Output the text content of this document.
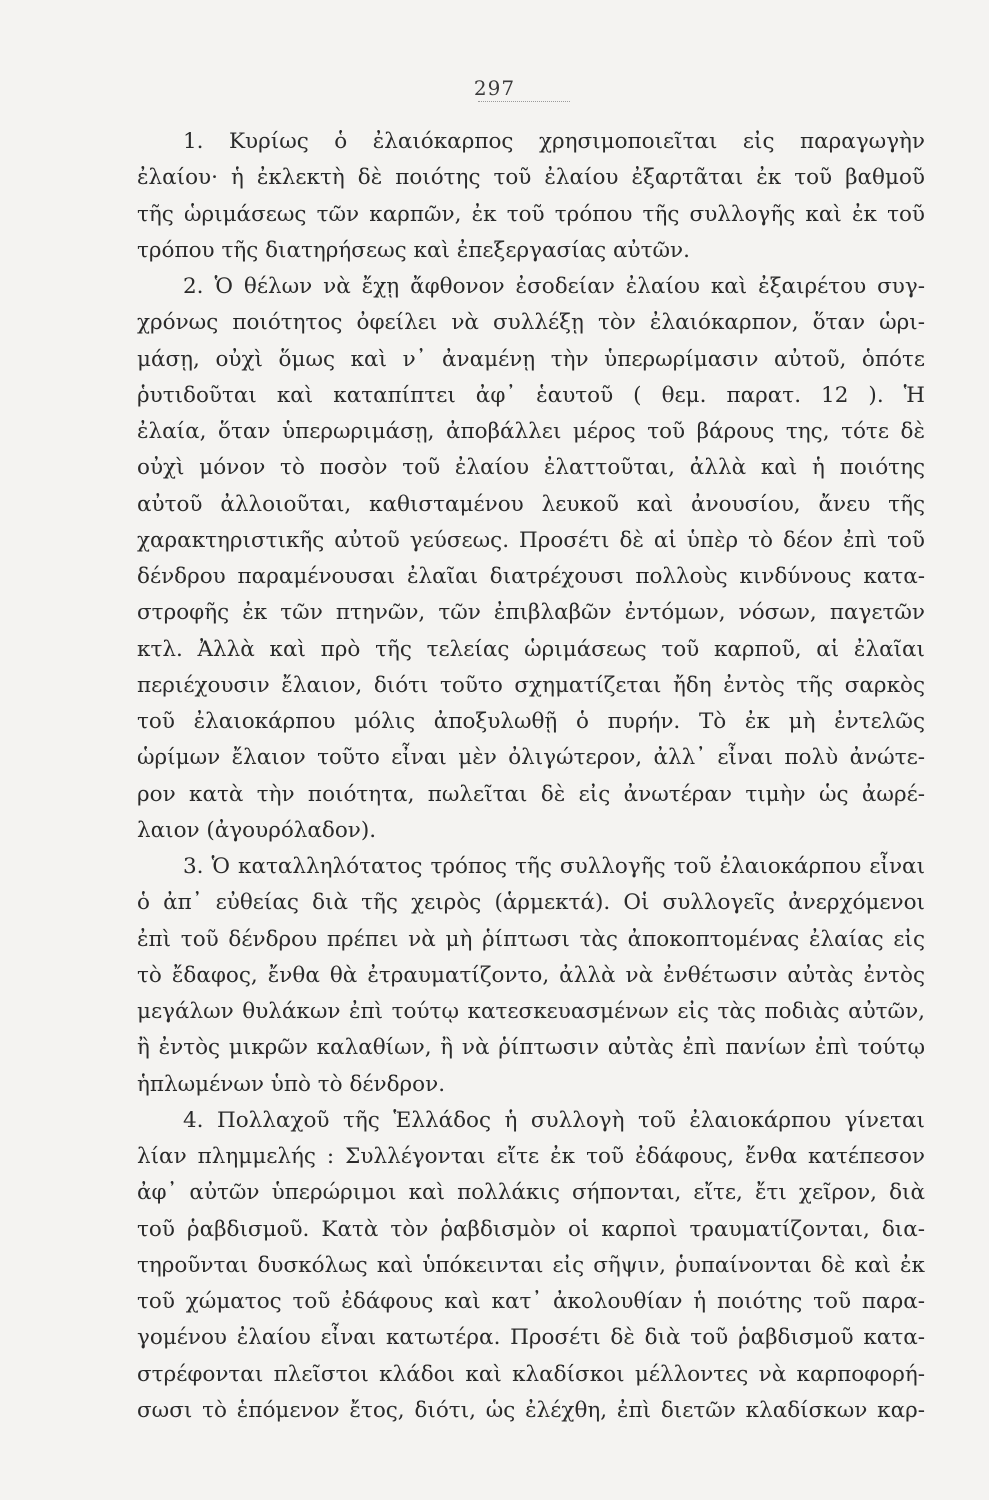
297
1. Κυρίως ὁ ἐλαιόκαρπος χρησιμοποιεῖται εἰς παραγωγὴν
ἐλαίου· ἡ ἐκλεκτὴ δὲ ποιότης τοῦ ἐλαίου ἐξαρτᾶται ἐκ τοῦ βαθμοῦ
τῆς ὡριμάσεως τῶν καρπῶν, ἐκ τοῦ τρόπου τῆς συλλογῆς καὶ ἐκ τοῦ
τρόπου τῆς διατηρήσεως καὶ ἐπεξεργασίας αὐτῶν.
2. Ὁ θέλων νὰ ἔχῃ ἄφθονον ἐσοδείαν ἐλαίου καὶ ἐξαιρέτου συγ-
χρόνως ποιότητος ὀφείλει νὰ συλλέξῃ τὸν ἐλαιόκαρπον, ὅταν ὡρι-
μάσῃ, οὐχὶ ὅμως καὶ ν᾽ ἀναμένῃ τὴν ὑπερωρίμασιν αὐτοῦ, ὁπότε
ῥυτιδοῦται καὶ καταπίπτει ἀφ᾽ ἑαυτοῦ ( θεμ. παρατ. 12 ). Ἡ
ἐλαία, ὅταν ὑπερωριμάσῃ, ἀποβάλλει μέρος τοῦ βάρους της, τότε δὲ
οὐχὶ μόνον τὸ ποσὸν τοῦ ἐλαίου ἐλαττοῦται, ἀλλὰ καὶ ἡ ποιότης
αὐτοῦ ἀλλοιοῦται, καθισταμένου λευκοῦ καὶ ἀνουσίου, ἄνευ τῆς
χαρακτηριστικῆς αὐτοῦ γεύσεως. Προσέτι δὲ αἱ ὑπὲρ τὸ δέον ἐπὶ τοῦ
δένδρου παραμένουσαι ἐλαῖαι διατρέχουσι πολλοὺς κινδύνους κατα-
στροφῆς ἐκ τῶν πτηνῶν, τῶν ἐπιβλαβῶν ἐντόμων, νόσων, παγετῶν
κτλ. Ἀλλὰ καὶ πρὸ τῆς τελείας ὡριμάσεως τοῦ καρποῦ, αἱ ἐλαῖαι
περιέχουσιν ἔλαιον, διότι τοῦτο σχηματίζεται ἤδη ἐντὸς τῆς σαρκὸς
τοῦ ἐλαιοκάρπου μόλις ἀποξυλωθῇ ὁ πυρήν. Τὸ ἐκ μὴ ἐντελῶς
ὡρίμων ἔλαιον τοῦτο εἶναι μὲν ὀλιγώτερον, ἀλλ᾽ εἶναι πολὺ ἀνώτε-
ρον κατὰ τὴν ποιότητα, πωλεῖται δὲ εἰς ἀνωτέραν τιμὴν ὡς ἀωρέ-
λαιον (ἀγουρόλαδον).
3. Ὁ καταλληλότατος τρόπος τῆς συλλογῆς τοῦ ἐλαιοκάρπου εἶναι
ὁ ἀπ᾽ εὐθείας διὰ τῆς χειρὸς (ἁρμεκτά). Οἱ συλλογεῖς ἀνερχόμενοι
ἐπὶ τοῦ δένδρου πρέπει νὰ μὴ ῥίπτωσι τὰς ἀποκοπτομένας ἐλαίας εἰς
τὸ ἔδαφος, ἔνθα θὰ ἐτραυματίζοντο, ἀλλὰ νὰ ἐνθέτωσιν αὐτὰς ἐντὸς
μεγάλων θυλάκων ἐπὶ τούτῳ κατεσκευασμένων εἰς τὰς ποδιὰς αὐτῶν,
ἢ ἐντὸς μικρῶν καλαθίων, ἢ νὰ ῥίπτωσιν αὐτὰς ἐπὶ πανίων ἐπὶ τούτῳ
ἡπλωμένων ὑπὸ τὸ δένδρον.
4. Πολλαχοῦ τῆς Ἑλλάδος ἡ συλλογὴ τοῦ ἐλαιοκάρπου γίνεται
λίαν πλημμελής : Συλλέγονται εἴτε ἐκ τοῦ ἐδάφους, ἔνθα κατέπεσον
ἀφ᾽ αὐτῶν ὑπερώριμοι καὶ πολλάκις σήπονται, εἴτε, ἔτι χεῖρον, διὰ
τοῦ ῥαβδισμοῦ. Κατὰ τὸν ῥαβδισμὸν οἱ καρποὶ τραυματίζονται, δια-
τηροῦνται δυσκόλως καὶ ὑπόκεινται εἰς σῆψιν, ῥυπαίνονται δὲ καὶ ἐκ
τοῦ χώματος τοῦ ἐδάφους καὶ κατ᾽ ἀκολουθίαν ἡ ποιότης τοῦ παρα-
γομένου ἐλαίου εἶναι κατωτέρα. Προσέτι δὲ διὰ τοῦ ῥαβδισμοῦ κατα-
στρέφονται πλεῖστοι κλάδοι καὶ κλαδίσκοι μέλλοντες νὰ καρποφορή-
σωσι τὸ ἑπόμενον ἔτος, διότι, ὡς ἐλέχθη, ἐπὶ διετῶν κλαδίσκων καρ-
